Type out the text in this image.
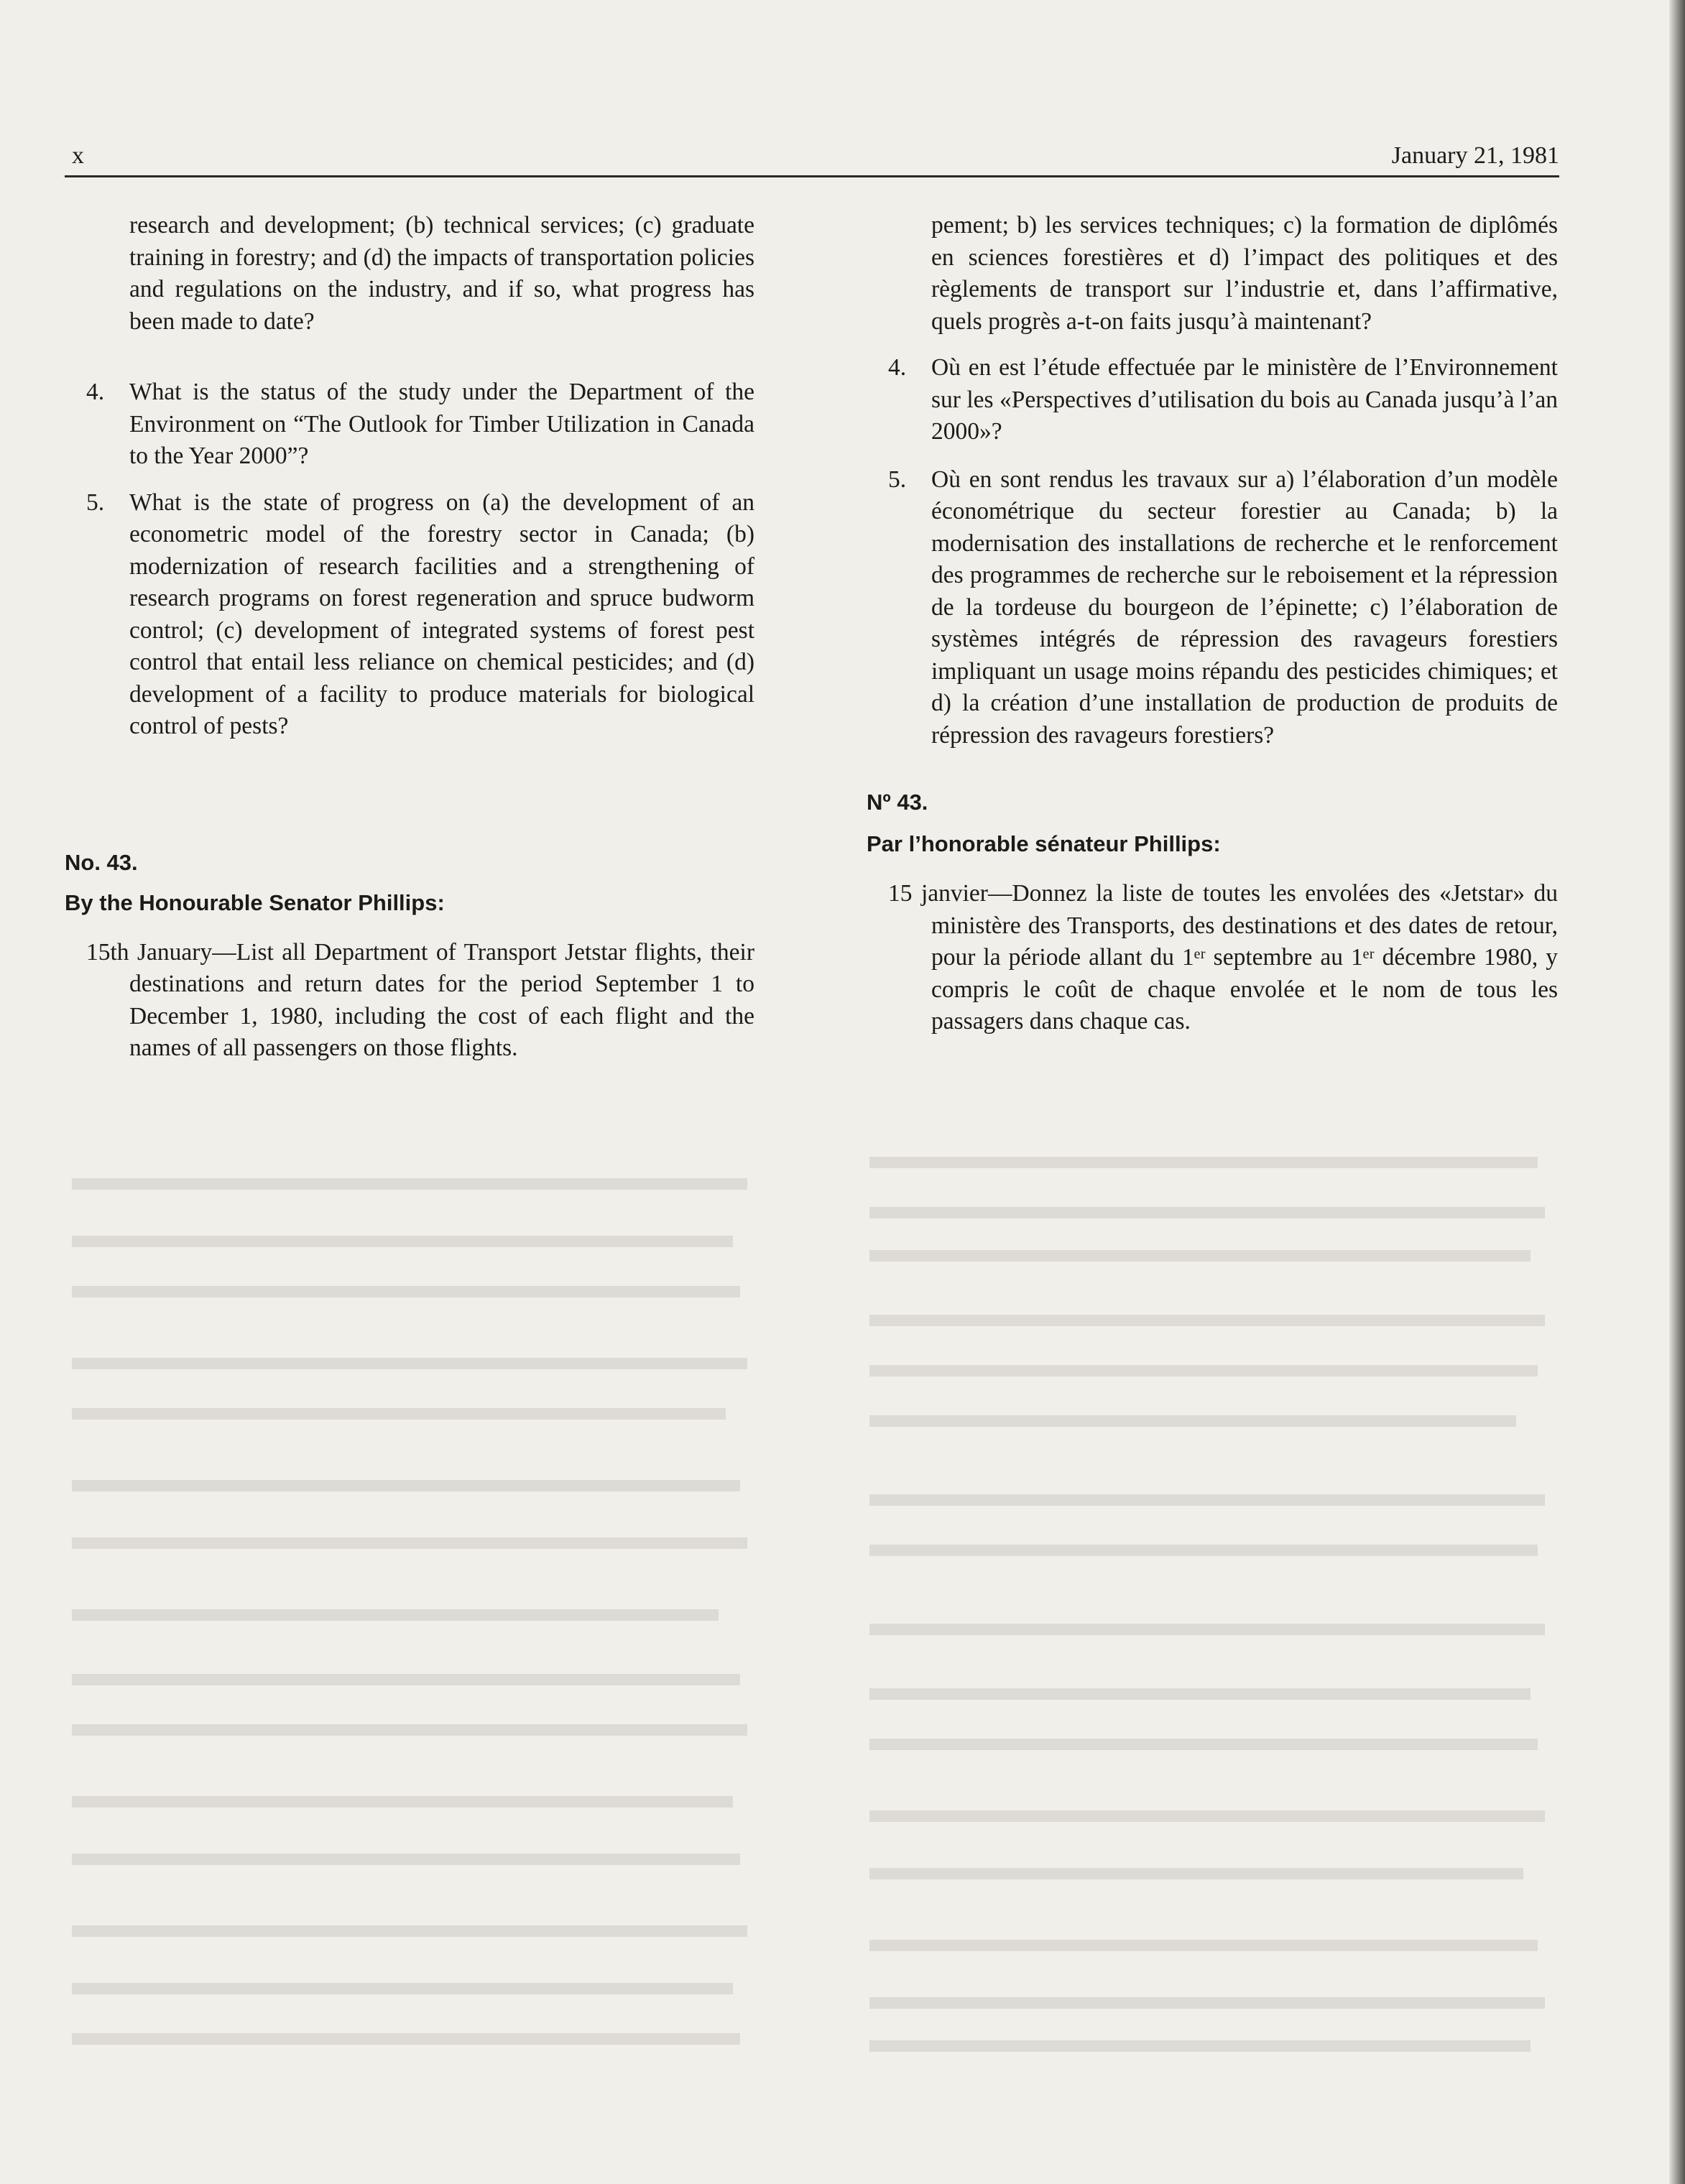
x	January 21, 1981

research and development; (b) technical services; (c) graduate training in forestry; and (d) the impacts of transportation policies and regulations on the industry, and if so, what progress has been made to date?

4. What is the status of the study under the Department of the Environment on “The Outlook for Timber Utilization in Canada to the Year 2000”?
5. What is the state of progress on (a) the development of an econometric model of the forestry sector in Canada; (b) modernization of research facilities and a strengthening of research programs on forest regeneration and spruce budworm control; (c) development of integrated systems of forest pest control that entail less reliance on chemical pesticides; and (d) development of a facility to produce materials for biological control of pests?
No. 43.
By the Honourable Senator Phillips:

15th January—List all Department of Transport Jetstar flights, their destinations and return dates for the period September 1 to December 1, 1980, including the cost of each flight and the names of all passengers on those flights.

pement; b) les services techniques; c) la formation de diplômés en sciences forestières et d) l’impact des politiques et des règlements de transport sur l’industrie et, dans l’affirmative, quels progrès a-t-on faits jusqu’à maintenant?

4. Où en est l’étude effectuée par le ministère de l’Environnement sur les «Perspectives d’utilisation du bois au Canada jusqu’à l’an 2000»?
5. Où en sont rendus les travaux sur a) l’élaboration d’un modèle économétrique du secteur forestier au Canada; b) la modernisation des installations de recherche et le renforcement des programmes de recherche sur le reboisement et la répression de la tordeuse du bourgeon de l’épinette; c) l’élaboration de systèmes intégrés de répression des ravageurs forestiers impliquant un usage moins répandu des pesticides chimiques; et d) la création d’une installation de production de produits de répression des ravageurs forestiers?
Nº 43.
Par l’honorable sénateur Phillips:

15 janvier—Donnez la liste de toutes les envolées des «Jetstar» du ministère des Transports, des destinations et des dates de retour, pour la période allant du 1ᵉʳ septembre au 1ᵉʳ décembre 1980, y compris le coût de chaque envolée et le nom de tous les passagers dans chaque cas.
